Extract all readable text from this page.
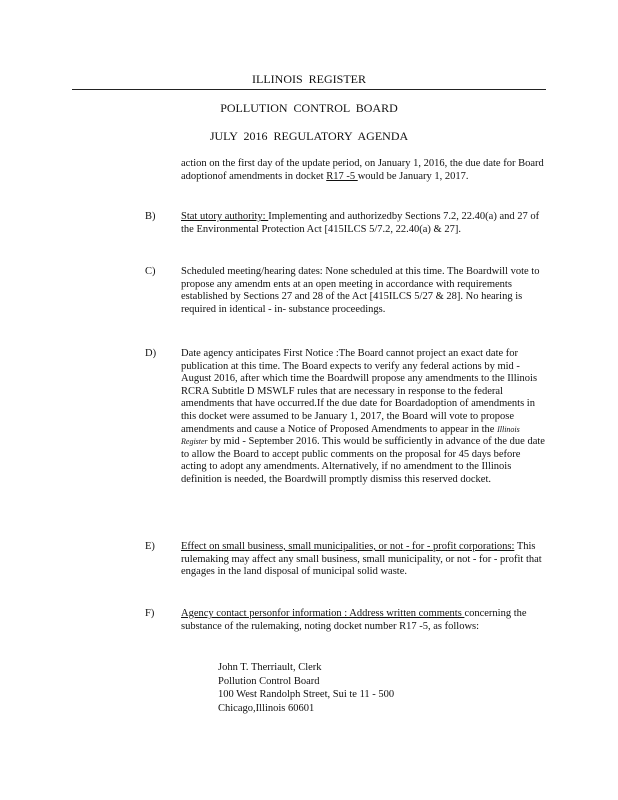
ILLINOIS REGISTER
POLLUTION CONTROL BOARD
JULY 2016 REGULATORY AGENDA
action on the first day of the update period, on January 1, 2016, the due date for Board adoptionof amendments in docket R17 -5 would be January 1, 2017.
B) Stat utory authority: Implementing and authorizedby Sections 7.2, 22.40(a) and 27 of the Environmental Protection Act [415ILCS 5/7.2, 22.40(a) & 27].
C) Scheduled meeting/hearing dates: None scheduled at this time. The Boardwill vote to propose any amendm ents at an open meeting in accordance with requirements established by Sections 27 and 28 of the Act [415ILCS 5/27 & 28]. No hearing is required in identical - in- substance proceedings.
D) Date agency anticipates First Notice :The Board cannot project an exact date for publication at this time. The Board expects to verify any federal actions by mid - August 2016, after which time the Boardwill propose any amendments to the Illinois RCRA Subtitle D MSWLF rules that are necessary in response to the federal amendments that have occurred.If the due date for Boardadoption of amendments in this docket were assumed to be January 1, 2017, the Board will vote to propose amendments and cause a Notice of Proposed Amendments to appear in the Illinois Register by mid - September 2016. This would be sufficiently in advance of the due date to allow the Board to accept public comments on the proposal for 45 days before acting to adopt any amendments. Alternatively, if no amendment to the Illinois definition is needed, the Boardwill promptly dismiss this reserved docket.
E) Effect on small business, small municipalities, or not - for - profit corporations: This rulemaking may affect any small business, small municipality, or not - for - profit that engages in the land disposal of municipal solid waste.
F)	Agency contact personfor information : Address written comments concerning the substance of the rulemaking, noting docket number R17 -5, as follows:
John T. Therriault, Clerk
Pollution Control Board
100 West Randolph Street, Sui te 11 - 500
Chicago,Illinois 60601
